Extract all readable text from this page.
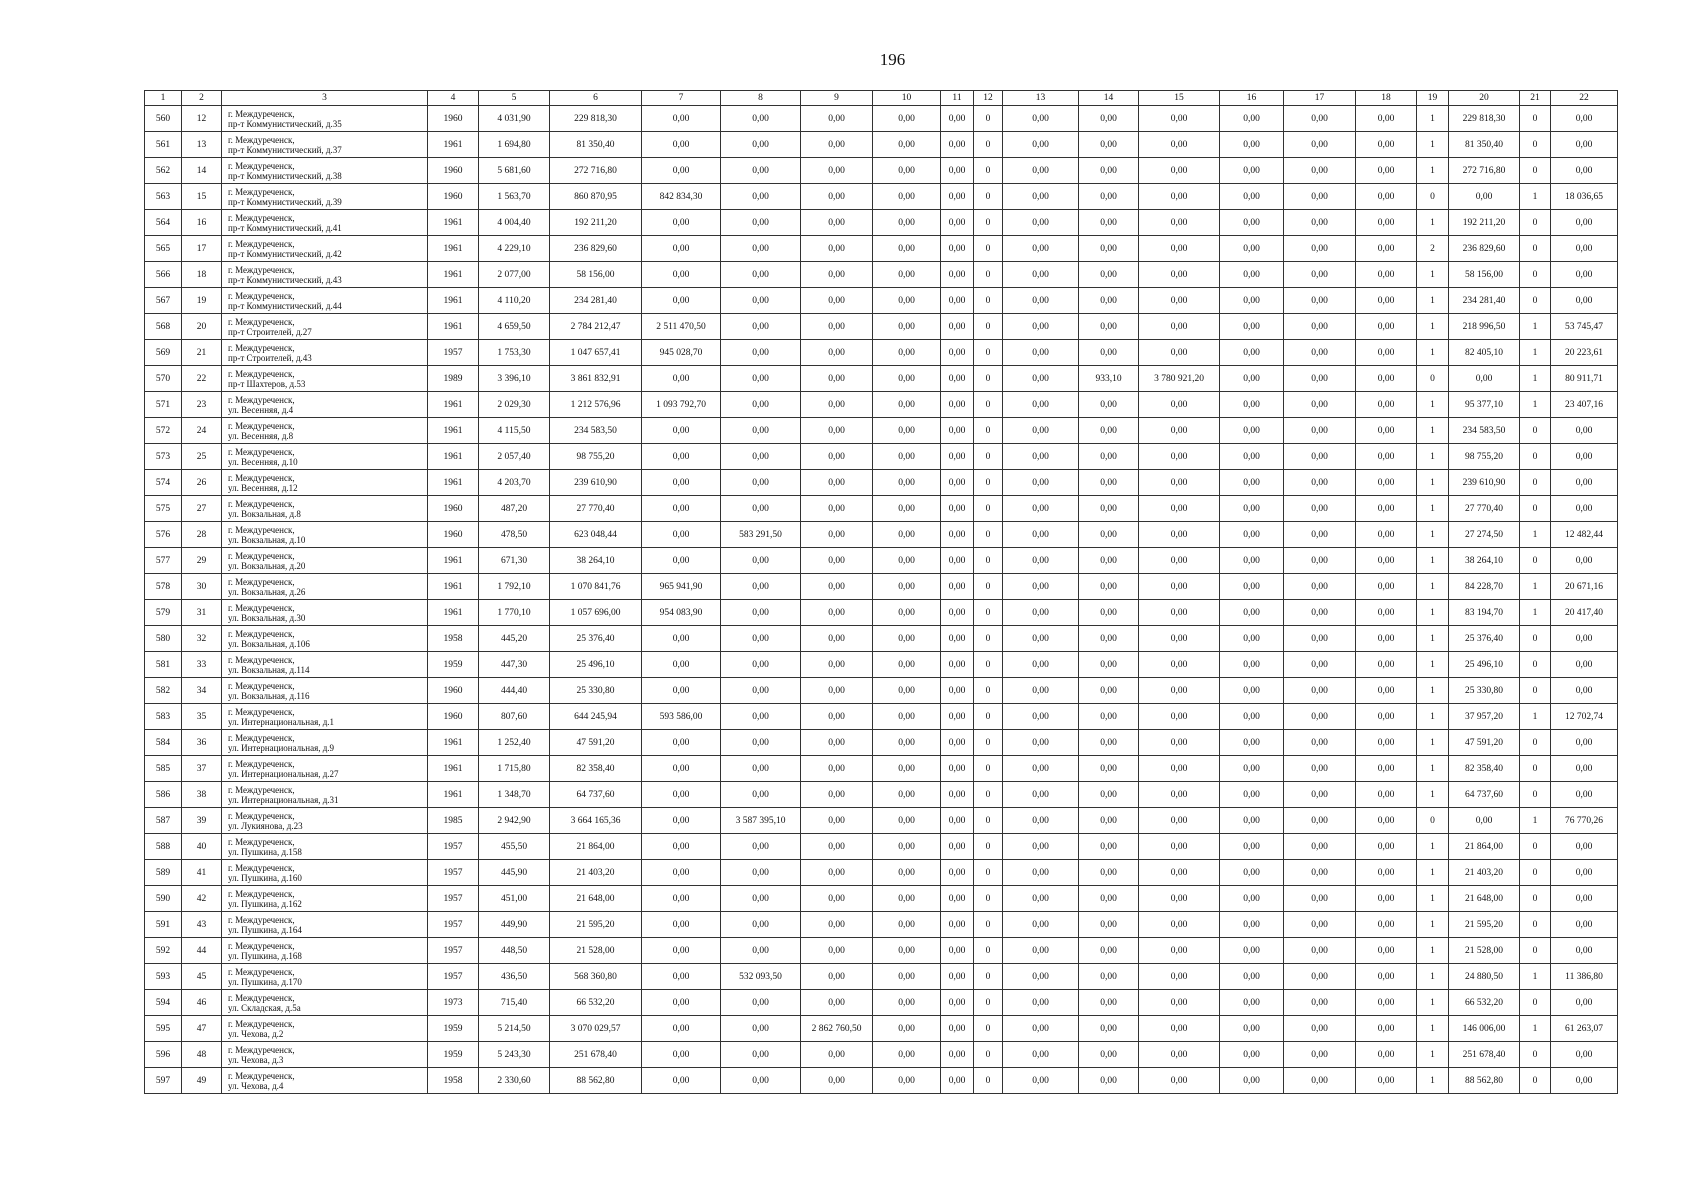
196
1	2	3	4	5	6	7	8	9	10	11	12	13	14	15	16	17	18	19	20	21	22
560	12	г. Междуреченск,
пр-т Коммунистический, д.35	1960	4 031,90	229 818,30	0,00	0,00	0,00	0,00	0,00	0	0,00	0,00	0,00	0,00	0,00	0,00	1	229 818,30	0	0,00
561	13	г. Междуреченск,
пр-т Коммунистический, д.37	1961	1 694,80	81 350,40	0,00	0,00	0,00	0,00	0,00	0	0,00	0,00	0,00	0,00	0,00	0,00	1	81 350,40	0	0,00
562	14	г. Междуреченск,
пр-т Коммунистический, д.38	1960	5 681,60	272 716,80	0,00	0,00	0,00	0,00	0,00	0	0,00	0,00	0,00	0,00	0,00	0,00	1	272 716,80	0	0,00
563	15	г. Междуреченск,
пр-т Коммунистический, д.39	1960	1 563,70	860 870,95	842 834,30	0,00	0,00	0,00	0,00	0	0,00	0,00	0,00	0,00	0,00	0,00	0	0,00	1	18 036,65
564	16	г. Междуреченск,
пр-т Коммунистический, д.41	1961	4 004,40	192 211,20	0,00	0,00	0,00	0,00	0,00	0	0,00	0,00	0,00	0,00	0,00	0,00	1	192 211,20	0	0,00
565	17	г. Междуреченск,
пр-т Коммунистический, д.42	1961	4 229,10	236 829,60	0,00	0,00	0,00	0,00	0,00	0	0,00	0,00	0,00	0,00	0,00	0,00	2	236 829,60	0	0,00
566	18	г. Междуреченск,
пр-т Коммунистический, д.43	1961	2 077,00	58 156,00	0,00	0,00	0,00	0,00	0,00	0	0,00	0,00	0,00	0,00	0,00	0,00	1	58 156,00	0	0,00
567	19	г. Междуреченск,
пр-т Коммунистический, д.44	1961	4 110,20	234 281,40	0,00	0,00	0,00	0,00	0,00	0	0,00	0,00	0,00	0,00	0,00	0,00	1	234 281,40	0	0,00
568	20	г. Междуреченск,
пр-т Строителей, д.27	1961	4 659,50	2 784 212,47	2 511 470,50	0,00	0,00	0,00	0,00	0	0,00	0,00	0,00	0,00	0,00	0,00	1	218 996,50	1	53 745,47
569	21	г. Междуреченск,
пр-т Строителей, д.43	1957	1 753,30	1 047 657,41	945 028,70	0,00	0,00	0,00	0,00	0	0,00	0,00	0,00	0,00	0,00	0,00	1	82 405,10	1	20 223,61
570	22	г. Междуреченск,
пр-т Шахтеров, д.53	1989	3 396,10	3 861 832,91	0,00	0,00	0,00	0,00	0,00	0	0,00	933,10	3 780 921,20	0,00	0,00	0,00	0	0,00	1	80 911,71
571	23	г. Междуреченск,
ул. Весенняя, д.4	1961	2 029,30	1 212 576,96	1 093 792,70	0,00	0,00	0,00	0,00	0	0,00	0,00	0,00	0,00	0,00	0,00	1	95 377,10	1	23 407,16
572	24	г. Междуреченск,
ул. Весенняя, д.8	1961	4 115,50	234 583,50	0,00	0,00	0,00	0,00	0,00	0	0,00	0,00	0,00	0,00	0,00	0,00	1	234 583,50	0	0,00
573	25	г. Междуреченск,
ул. Весенняя, д.10	1961	2 057,40	98 755,20	0,00	0,00	0,00	0,00	0,00	0	0,00	0,00	0,00	0,00	0,00	0,00	1	98 755,20	0	0,00
574	26	г. Междуреченск,
ул. Весенняя, д.12	1961	4 203,70	239 610,90	0,00	0,00	0,00	0,00	0,00	0	0,00	0,00	0,00	0,00	0,00	0,00	1	239 610,90	0	0,00
575	27	г. Междуреченск,
ул. Вокзальная, д.8	1960	487,20	27 770,40	0,00	0,00	0,00	0,00	0,00	0	0,00	0,00	0,00	0,00	0,00	0,00	1	27 770,40	0	0,00
576	28	г. Междуреченск,
ул. Вокзальная, д.10	1960	478,50	623 048,44	0,00	583 291,50	0,00	0,00	0,00	0	0,00	0,00	0,00	0,00	0,00	0,00	1	27 274,50	1	12 482,44
577	29	г. Междуреченск,
ул. Вокзальная, д.20	1961	671,30	38 264,10	0,00	0,00	0,00	0,00	0,00	0	0,00	0,00	0,00	0,00	0,00	0,00	1	38 264,10	0	0,00
578	30	г. Междуреченск,
ул. Вокзальная, д.26	1961	1 792,10	1 070 841,76	965 941,90	0,00	0,00	0,00	0,00	0	0,00	0,00	0,00	0,00	0,00	0,00	1	84 228,70	1	20 671,16
579	31	г. Междуреченск,
ул. Вокзальная, д.30	1961	1 770,10	1 057 696,00	954 083,90	0,00	0,00	0,00	0,00	0	0,00	0,00	0,00	0,00	0,00	0,00	1	83 194,70	1	20 417,40
580	32	г. Междуреченск,
ул. Вокзальная, д.106	1958	445,20	25 376,40	0,00	0,00	0,00	0,00	0,00	0	0,00	0,00	0,00	0,00	0,00	0,00	1	25 376,40	0	0,00
581	33	г. Междуреченск,
ул. Вокзальная, д.114	1959	447,30	25 496,10	0,00	0,00	0,00	0,00	0,00	0	0,00	0,00	0,00	0,00	0,00	0,00	1	25 496,10	0	0,00
582	34	г. Междуреченск,
ул. Вокзальная, д.116	1960	444,40	25 330,80	0,00	0,00	0,00	0,00	0,00	0	0,00	0,00	0,00	0,00	0,00	0,00	1	25 330,80	0	0,00
583	35	г. Междуреченск,
ул. Интернациональная, д.1	1960	807,60	644 245,94	593 586,00	0,00	0,00	0,00	0,00	0	0,00	0,00	0,00	0,00	0,00	0,00	1	37 957,20	1	12 702,74
584	36	г. Междуреченск,
ул. Интернациональная, д.9	1961	1 252,40	47 591,20	0,00	0,00	0,00	0,00	0,00	0	0,00	0,00	0,00	0,00	0,00	0,00	1	47 591,20	0	0,00
585	37	г. Междуреченск,
ул. Интернациональная, д.27	1961	1 715,80	82 358,40	0,00	0,00	0,00	0,00	0,00	0	0,00	0,00	0,00	0,00	0,00	0,00	1	82 358,40	0	0,00
586	38	г. Междуреченск,
ул. Интернациональная, д.31	1961	1 348,70	64 737,60	0,00	0,00	0,00	0,00	0,00	0	0,00	0,00	0,00	0,00	0,00	0,00	1	64 737,60	0	0,00
587	39	г. Междуреченск,
ул. Лукиянова, д.23	1985	2 942,90	3 664 165,36	0,00	3 587 395,10	0,00	0,00	0,00	0	0,00	0,00	0,00	0,00	0,00	0,00	0	0,00	1	76 770,26
588	40	г. Междуреченск,
ул. Пушкина, д.158	1957	455,50	21 864,00	0,00	0,00	0,00	0,00	0,00	0	0,00	0,00	0,00	0,00	0,00	0,00	1	21 864,00	0	0,00
589	41	г. Междуреченск,
ул. Пушкина, д.160	1957	445,90	21 403,20	0,00	0,00	0,00	0,00	0,00	0	0,00	0,00	0,00	0,00	0,00	0,00	1	21 403,20	0	0,00
590	42	г. Междуреченск,
ул. Пушкина, д.162	1957	451,00	21 648,00	0,00	0,00	0,00	0,00	0,00	0	0,00	0,00	0,00	0,00	0,00	0,00	1	21 648,00	0	0,00
591	43	г. Междуреченск,
ул. Пушкина, д.164	1957	449,90	21 595,20	0,00	0,00	0,00	0,00	0,00	0	0,00	0,00	0,00	0,00	0,00	0,00	1	21 595,20	0	0,00
592	44	г. Междуреченск,
ул. Пушкина, д.168	1957	448,50	21 528,00	0,00	0,00	0,00	0,00	0,00	0	0,00	0,00	0,00	0,00	0,00	0,00	1	21 528,00	0	0,00
593	45	г. Междуреченск,
ул. Пушкина, д.170	1957	436,50	568 360,80	0,00	532 093,50	0,00	0,00	0,00	0	0,00	0,00	0,00	0,00	0,00	0,00	1	24 880,50	1	11 386,80
594	46	г. Междуреченск,
ул. Складская, д.5а	1973	715,40	66 532,20	0,00	0,00	0,00	0,00	0,00	0	0,00	0,00	0,00	0,00	0,00	0,00	1	66 532,20	0	0,00
595	47	г. Междуреченск,
ул. Чехова, д.2	1959	5 214,50	3 070 029,57	0,00	0,00	2 862 760,50	0,00	0,00	0	0,00	0,00	0,00	0,00	0,00	0,00	1	146 006,00	1	61 263,07
596	48	г. Междуреченск,
ул. Чехова, д.3	1959	5 243,30	251 678,40	0,00	0,00	0,00	0,00	0,00	0	0,00	0,00	0,00	0,00	0,00	0,00	1	251 678,40	0	0,00
597	49	г. Междуреченск,
ул. Чехова, д.4	1958	2 330,60	88 562,80	0,00	0,00	0,00	0,00	0,00	0	0,00	0,00	0,00	0,00	0,00	0,00	1	88 562,80	0	0,00
